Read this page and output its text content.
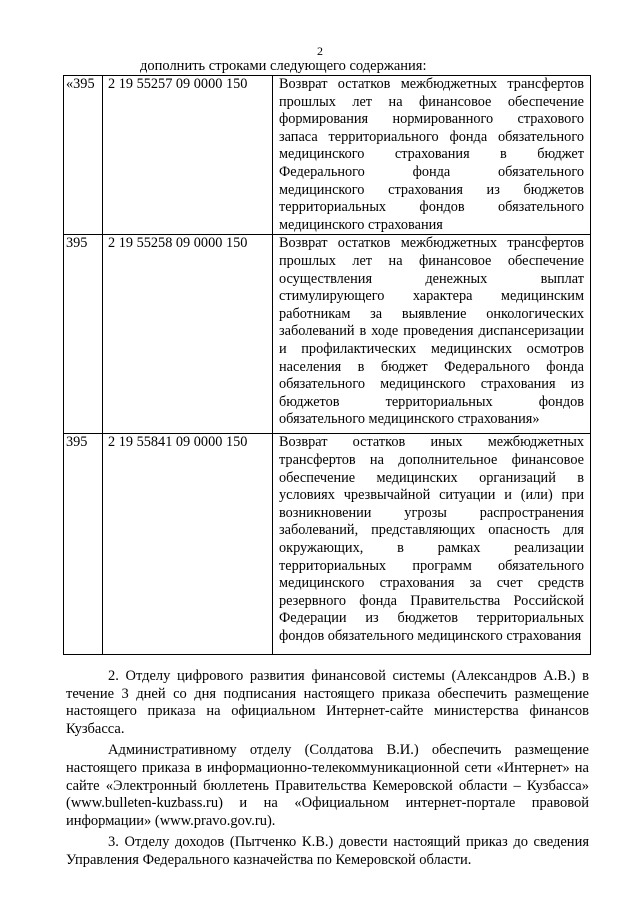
2
дополнить строками следующего содержания:
«395	2 19 55257 09 0000 150	Возврат остатков межбюджетных трансфертов прошлых лет на финансовое обеспечение формирования нормированного страхового запаса территориального фонда обязательного медицинского страхования в бюджет Федерального фонда обязательного медицинского страхования из бюджетов территориальных фондов обязательного медицинского страхования
395	2 19 55258 09 0000 150	Возврат остатков межбюджетных трансфертов прошлых лет на финансовое обеспечение осуществления денежных выплат стимулирующего характера медицинским работникам за выявление онкологических заболеваний в ходе проведения диспансеризации и профилактических медицинских осмотров населения в бюджет Федерального фонда обязательного медицинского страхования из бюджетов территориальных фондов обязательного медицинского страхования»
395	2 19 55841 09 0000 150	Возврат остатков иных межбюджетных трансфертов на дополнительное финансовое обеспечение медицинских организаций в условиях чрезвычайной ситуации и (или) при возникновении угрозы распространения заболеваний, представляющих опасность для окружающих, в рамках реализации территориальных программ обязательного медицинского страхования за счет средств резервного фонда Правительства Российской Федерации из бюджетов территориальных фондов обязательного медицинского страхования

2. Отделу цифрового развития финансовой системы (Александров А.В.) в течение 3 дней со дня подписания настоящего приказа обеспечить размещение настоящего приказа на официальном Интернет-сайте министерства финансов Кузбасса.

Административному отделу (Солдатова В.И.) обеспечить размещение настоящего приказа в информационно-телекоммуникационной сети «Интернет» на сайте «Электронный бюллетень Правительства Кемеровской области – Кузбасса» (www.bulleten-kuzbass.ru) и на «Официальном интернет-портале правовой информации» (www.pravo.gov.ru).

3. Отделу доходов (Пытченко К.В.) довести настоящий приказ до сведения Управления Федерального казначейства по Кемеровской области.
